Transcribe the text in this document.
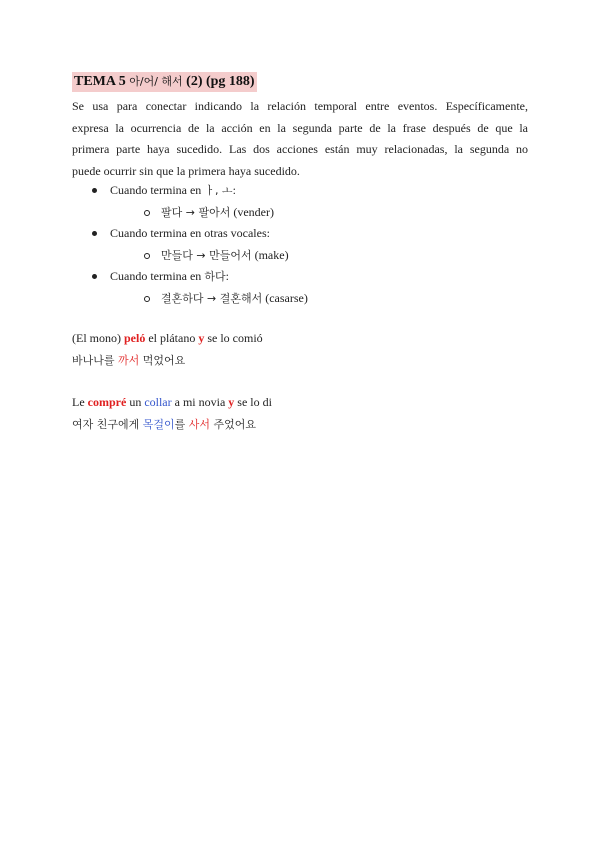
TEMA 5 아/어/ 해서 (2) (pg 188)
Se usa para conectar indicando la relación temporal entre eventos. Específicamente,
expresa la ocurrencia de la acción en la segunda parte de la frase después de que la
primera parte haya sucedido. Las dos acciones están muy relacionadas, la segunda no
puede ocurrir sin que la primera haya sucedido.
Cuando termina en ㅏ, ㅗ:
팔다 → 팔아서 (vender)
Cuando termina en otras vocales:
만들다 → 만들어서 (make)
Cuando termina en 하다:
결혼하다 → 결혼해서 (casarse)
(El mono) peló el plátano y se lo comió
바나나를 까서 먹었어요
Le compré un collar a mi novia y se lo di
여자 친구에게 목걸이를 사서 주었어요
